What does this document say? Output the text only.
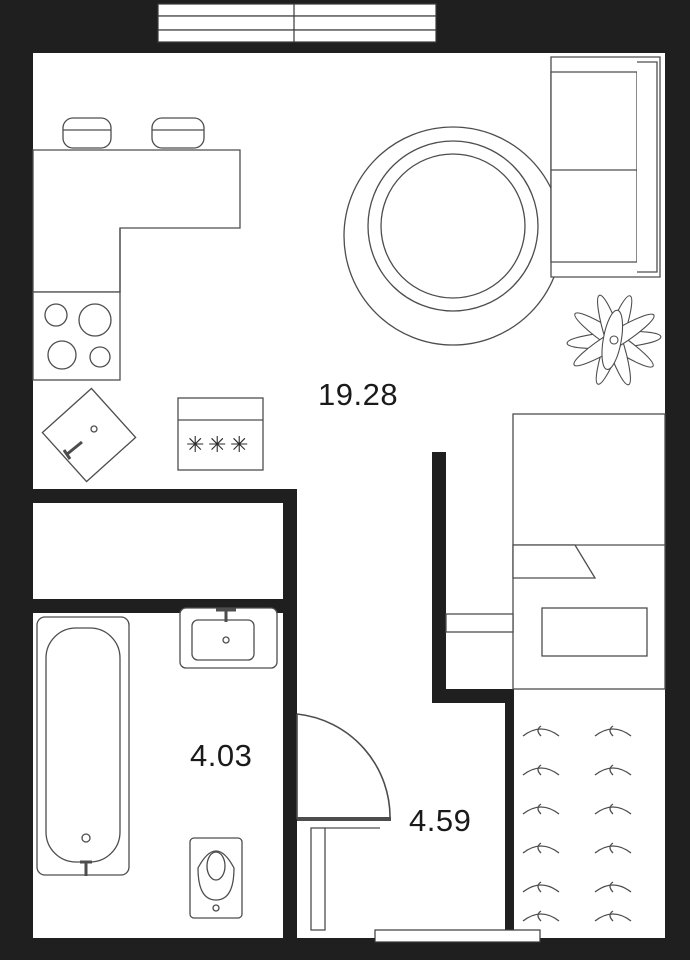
✳ ✳ ✳
19.28
4.03
4.59
